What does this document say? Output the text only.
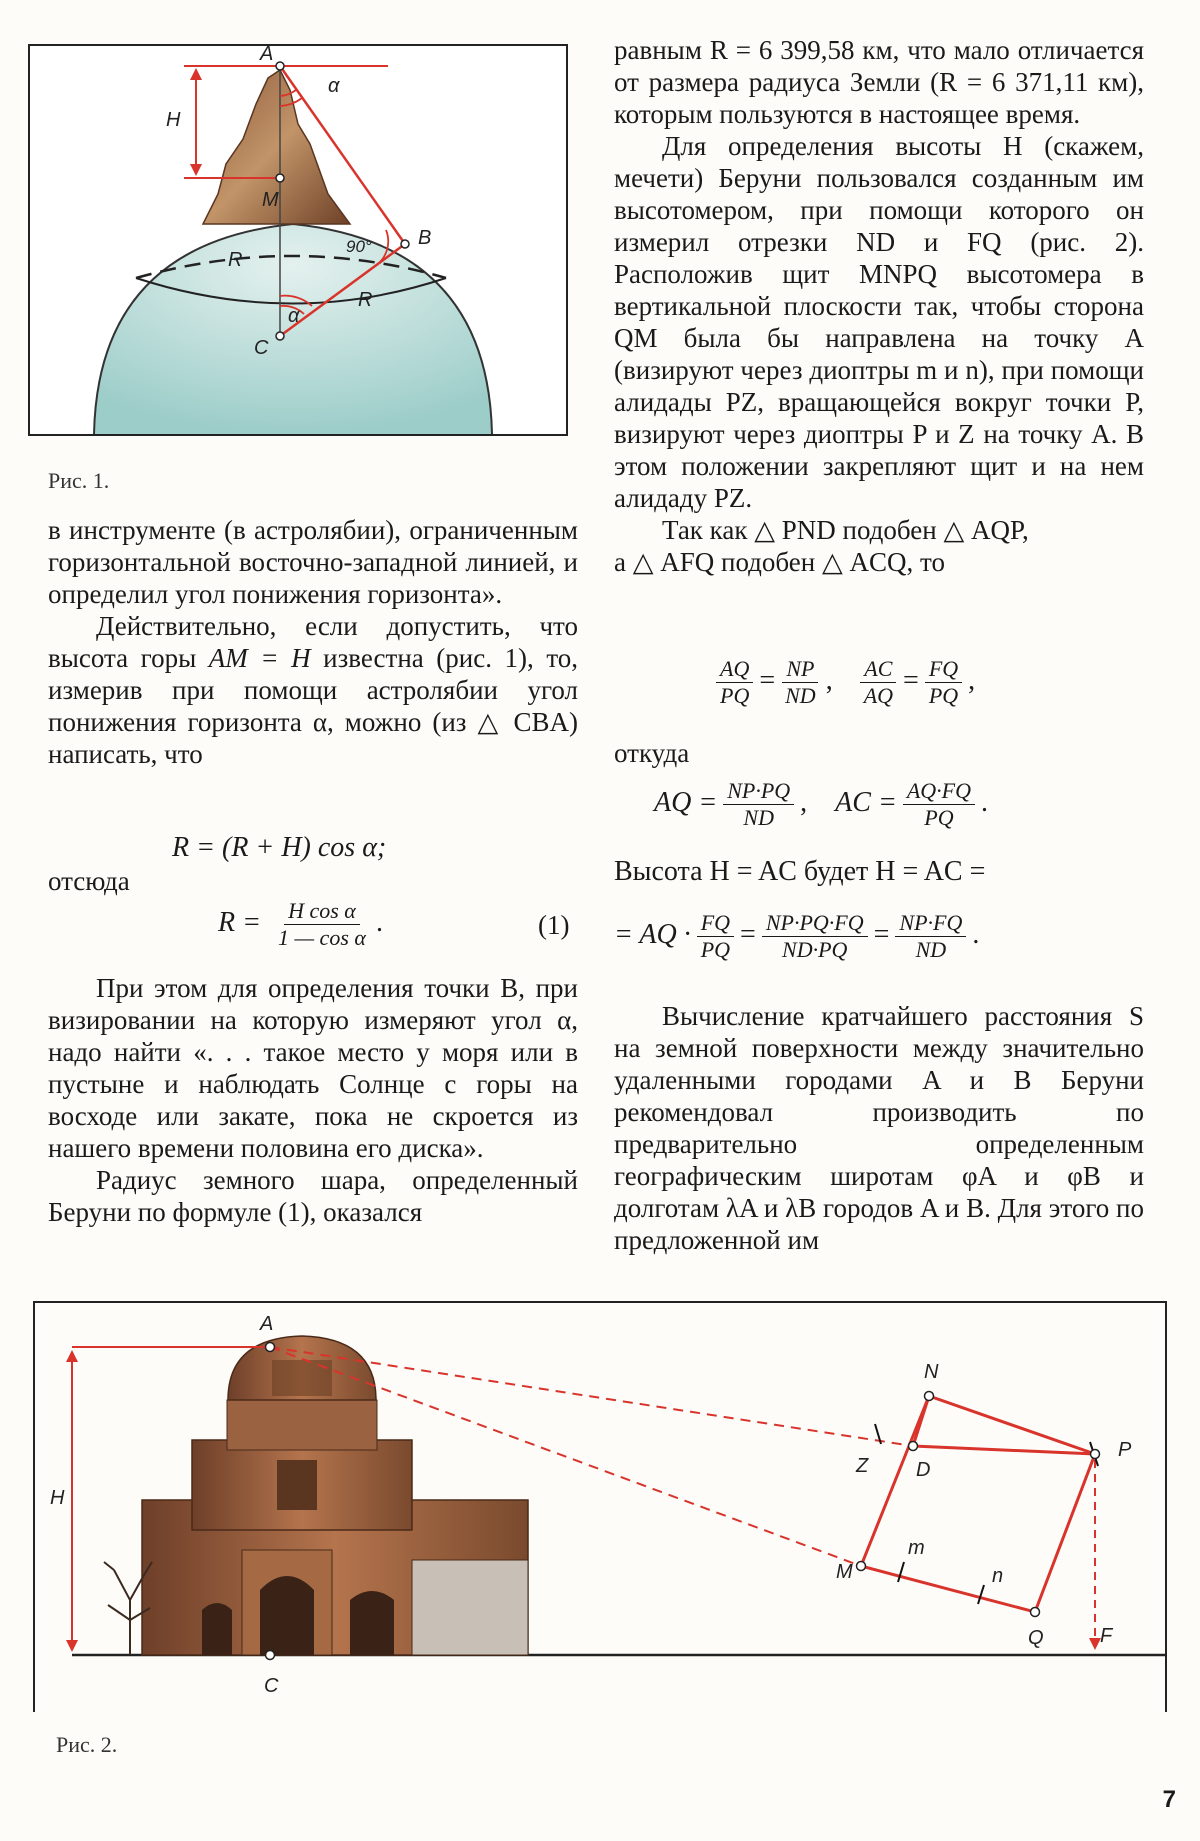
A
α
H
M
B
90°
R
R
α
C
Рис. 1.

в инструменте (в астролябии), ограниченным горизонтальной восточно-западной линией, и определил угол понижения горизонта».

Действительно, если допустить, что высота горы AM = H известна (рис. 1), то, измерив при помощи астролябии угол понижения горизонта α, можно (из △ CBA) написать, что

R = (R + H) cos α;
отсюда
$R = \frac{\text{H cos α}}{\text{1 — cos α}}$ .	(1)

При этом для определения точки B, при визировании на которую измеряют угол α, надо найти «. . . такое место у моря или в пустыне и наблюдать Солнце с горы на восходе или закате, пока не скроется из нашего времени половина его диска».

Радиус земного шара, определенный Беруни по формуле (1), оказался

равным R = 6 399,58 км, что мало отличается от размера радиуса Земли (R = 6 371,11 км), которым пользуются в настоящее время.

Для определения высоты H (скажем, мечети) Беруни пользовался созданным им высотомером, при помощи которого он измерил отрезки ND и FQ (рис. 2). Расположив щит MNPQ высотомера в вертикальной плоскости так, чтобы сторона QM была бы направлена на точку A (визируют через диоптры m и n), при помощи алидады PZ, вращающейся вокруг точки P, визируют через диоптры P и Z на точку A. В этом положении закрепляют щит и на нем алидаду PZ.

Так как △ PND подобен △ AQP,

а △ AFQ подобен △ ACQ, то

$\frac{AQ}{PQ} = \frac{NP}{ND}$ , $\frac{AC}{AQ} = \frac{FQ}{PQ}$ ,
откуда
AQ = $\frac{NP\cdot PQ}{ND}$ ,    AC = $\frac{AQ\cdot FQ}{PQ}$ .
Высота H = AC будет H = AC =
= AQ · $\frac{FQ}{PQ} = \frac{NP\cdot PQ\cdot FQ}{ND\cdot PQ} = \frac{NP\cdot FQ}{ND}$ .

Вычисление кратчайшего расстояния S на земной поверхности между значительно удаленными городами A и B Беруни рекомендовал производить по предварительно определенным географическим широтам φA и φB и долготам λA и λB городов A и B. Для этого по предложенной им

A
H
C
N
Z D
P
m
M	n
Q	F
Рис. 2.
7
